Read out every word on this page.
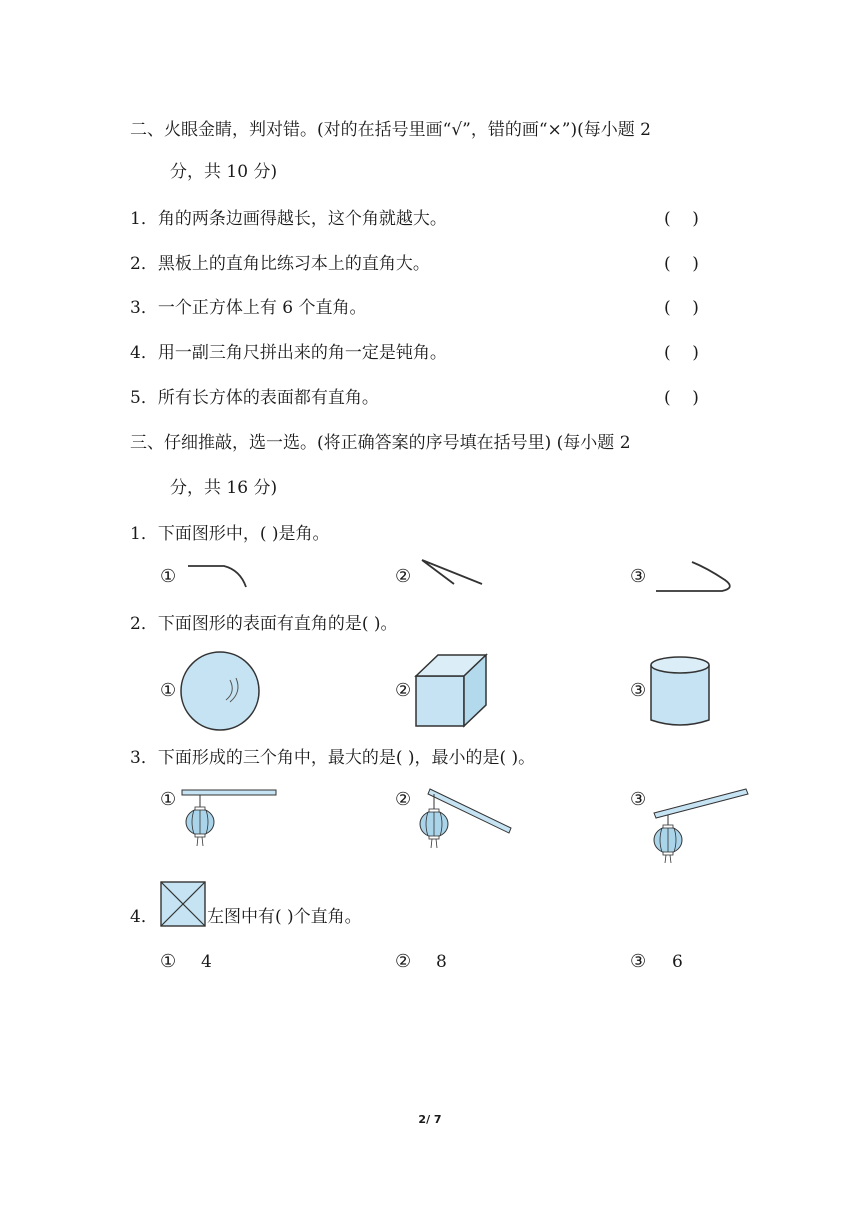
二、火眼金睛，判对错。(对的在括号里画“√”，错的画“×”)(每小题 2
分，共 10 分)
1．角的两条边画得越长，这个角就越大。	(    )
2．黑板上的直角比练习本上的直角大。	(    )
3．一个正方体上有 6 个直角。	(    )
4．用一副三角尺拼出来的角一定是钝角。	(    )
5．所有长方体的表面都有直角。	(    )
三、仔细推敲，选一选。(将正确答案的序号填在括号里) (每小题 2
分，共 16 分)
1．下面图形中，( )是角。
①	②	③
2．下面图形的表面有直角的是( )。
①	②	③
3．下面形成的三个角中，最大的是( )，最小的是( )。
①	②	③
4．	左图中有( )个直角。
① 4	② 8	③ 6
2/ 7
